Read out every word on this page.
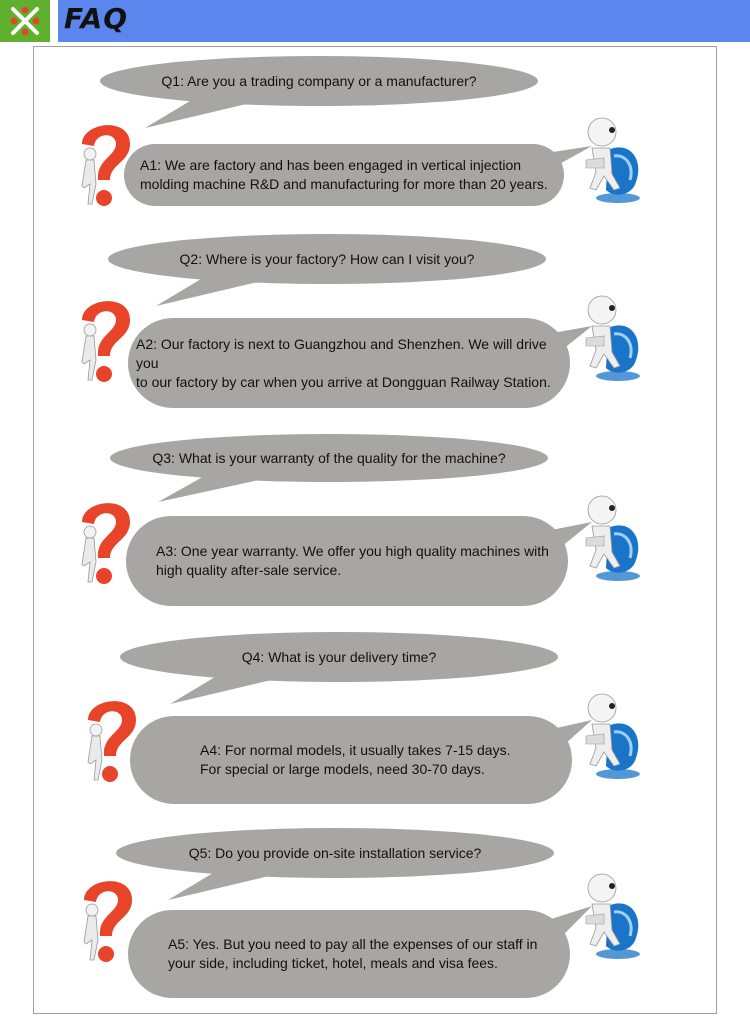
FAQ
Q1: Are you a trading company or a manufacturer?
A1: We are factory and has been engaged in vertical injection
molding machine R&D and manufacturing for more than 20 years.
Q2: Where is your factory? How can I visit you?
A2: Our factory is next to Guangzhou and Shenzhen. We will drive you
to our factory by car when you arrive at Dongguan Railway Station.
Q3: What is your warranty of the quality for the machine?
A3: One year warranty. We offer you high quality machines with
high quality after-sale service.
Q4: What is your delivery time?
A4: For normal models, it usually takes 7-15 days.
For special or large models, need 30-70 days.
Q5: Do you provide on-site installation service?
A5: Yes. But you need to pay all the expenses of our staff in
your side, including ticket, hotel, meals and visa fees.
